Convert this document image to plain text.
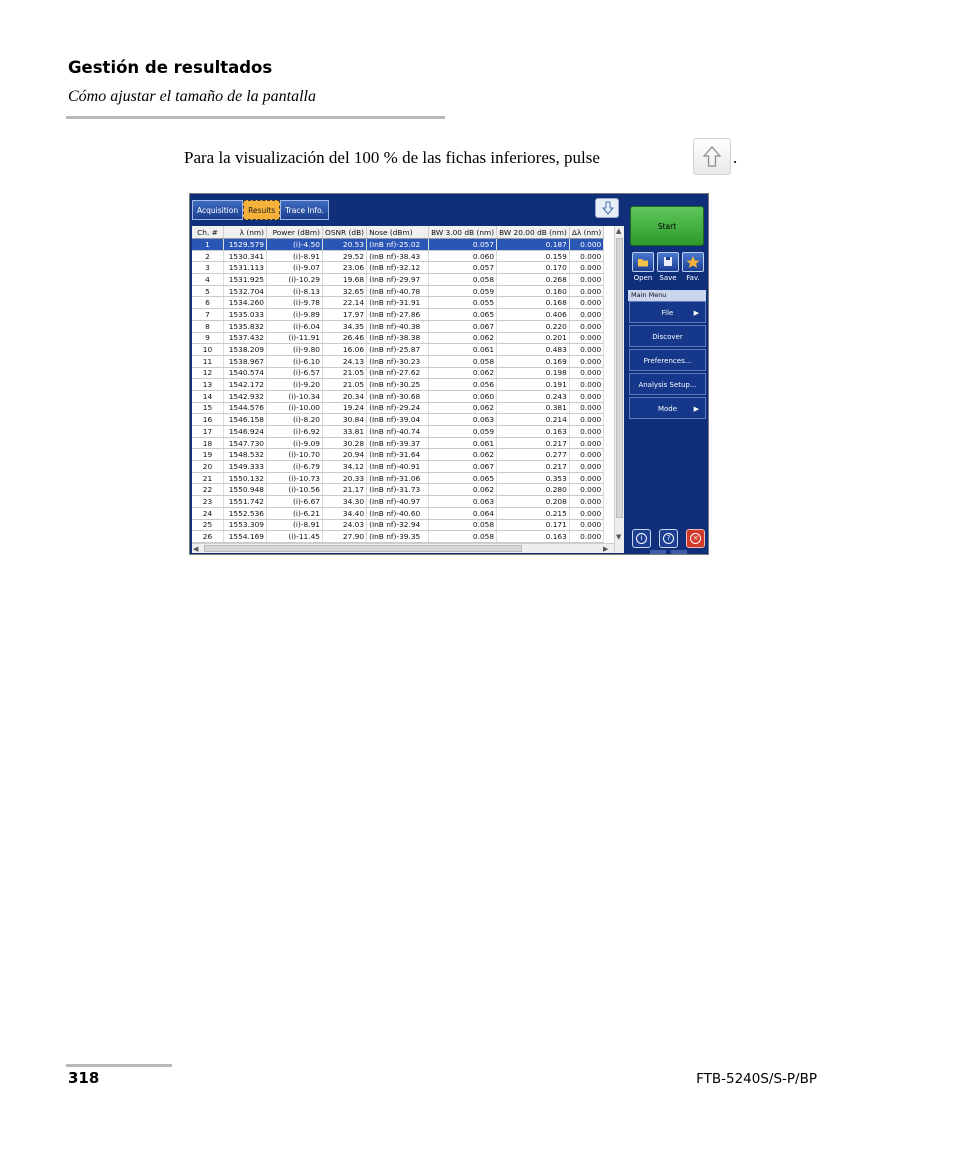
Gestión de resultados
Cómo ajustar el tamaño de la pantalla
Para la visualización del 100 % de las fichas inferiores, pulse	.
Acquisition	Results	Trace Info.
Ch. #	λ (nm)	Power (dBm)	OSNR (dB)	Nose (dBm)	BW 3.00 dB (nm)	BW 20.00 dB (nm)	Δλ (nm)
1	1529.579	(i)-4.50	20.53	(InB nf)-25.02	0.057	0.187	0.000
2	1530.341	(i)-8.91	29.52	(InB nf)-38.43	0.060	0.159	0.000
3	1531.113	(i)-9.07	23.06	(InB nf)-32.12	0.057	0.170	0.000
4	1531.925	(i)-10.29	19.68	(InB nf)-29.97	0.058	0.268	0.000
5	1532.704	(i)-8.13	32.65	(InB nf)-40.78	0.059	0.160	0.000
6	1534.260	(i)-9.78	22.14	(InB nf)-31.91	0.055	0.168	0.000
7	1535.033	(i)-9.89	17.97	(InB nf)-27.86	0.065	0.406	0.000
8	1535.832	(i)-6.04	34.35	(InB nf)-40.38	0.067	0.220	0.000
9	1537.432	(i)-11.91	26.46	(InB nf)-38.38	0.062	0.201	0.000
10	1538.209	(i)-9.80	16.06	(InB nf)-25.87	0.061	0.483	0.000
11	1538.967	(i)-6.10	24.13	(InB nf)-30.23	0.058	0.169	0.000
12	1540.574	(i)-6.57	21.05	(InB nf)-27.62	0.062	0.198	0.000
13	1542.172	(i)-9.20	21.05	(InB nf)-30.25	0.056	0.191	0.000
14	1542.932	(i)-10.34	20.34	(InB nf)-30.68	0.060	0.243	0.000
15	1544.576	(i)-10.00	19.24	(InB nf)-29.24	0.062	0.381	0.000
16	1546.158	(i)-8.20	30.84	(InB nf)-39.04	0.063	0.214	0.000
17	1546.924	(i)-6.92	33.81	(InB nf)-40.74	0.059	0.163	0.000
18	1547.730	(i)-9.09	30.28	(InB nf)-39.37	0.061	0.217	0.000
19	1548.532	(i)-10.70	20.94	(InB nf)-31.64	0.062	0.277	0.000
20	1549.333	(i)-6.79	34.12	(InB nf)-40.91	0.067	0.217	0.000
21	1550.132	(i)-10.73	20.33	(InB nf)-31.06	0.065	0.353	0.000
22	1550.948	(i)-10.56	21.17	(InB nf)-31.73	0.062	0.280	0.000
23	1551.742	(i)-6.67	34.30	(InB nf)-40.97	0.063	0.208	0.000
24	1552.536	(i)-6.21	34.40	(InB nf)-40.60	0.064	0.215	0.000
25	1553.309	(i)-8.91	24.03	(InB nf)-32.94	0.058	0.171	0.000
26	1554.169	(i)-11.45	27.90	(InB nf)-39.35	0.058	0.163	0.000
▲
▼
◀	▶
Start
Open	Save	Fav.
Main Menu
File	▶
Discover
Preferences...
Analysis Setup...
Mode ▶
i	?	×
318	FTB-5240S/S-P/BP
